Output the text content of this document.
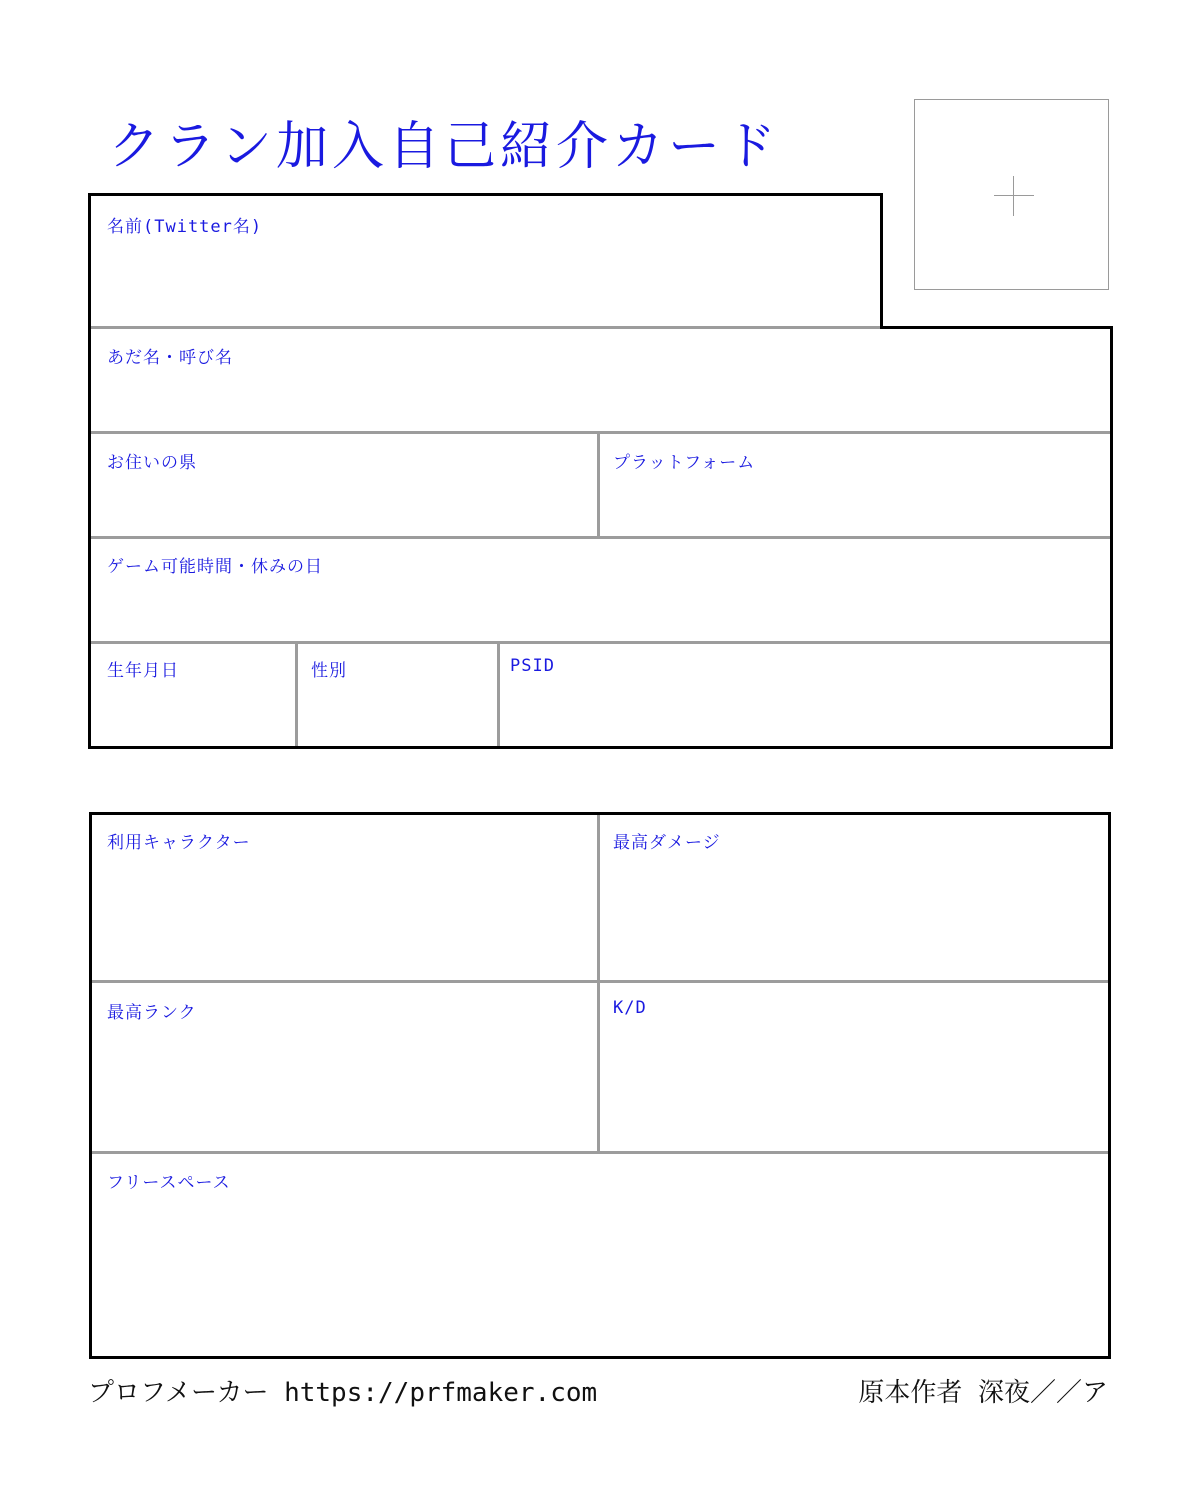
クラン加入自己紹介カード
名前(Twitter名)
あだ名・呼び名
お住いの県	プラットフォーム
ゲーム可能時間・休みの日
生年月日	性別	PSID
利用キャラクター	最高ダメージ
最高ランク	K/D
フリースペース
プロフメーカー https://prfmaker.com	原本作者 深夜／／ア
